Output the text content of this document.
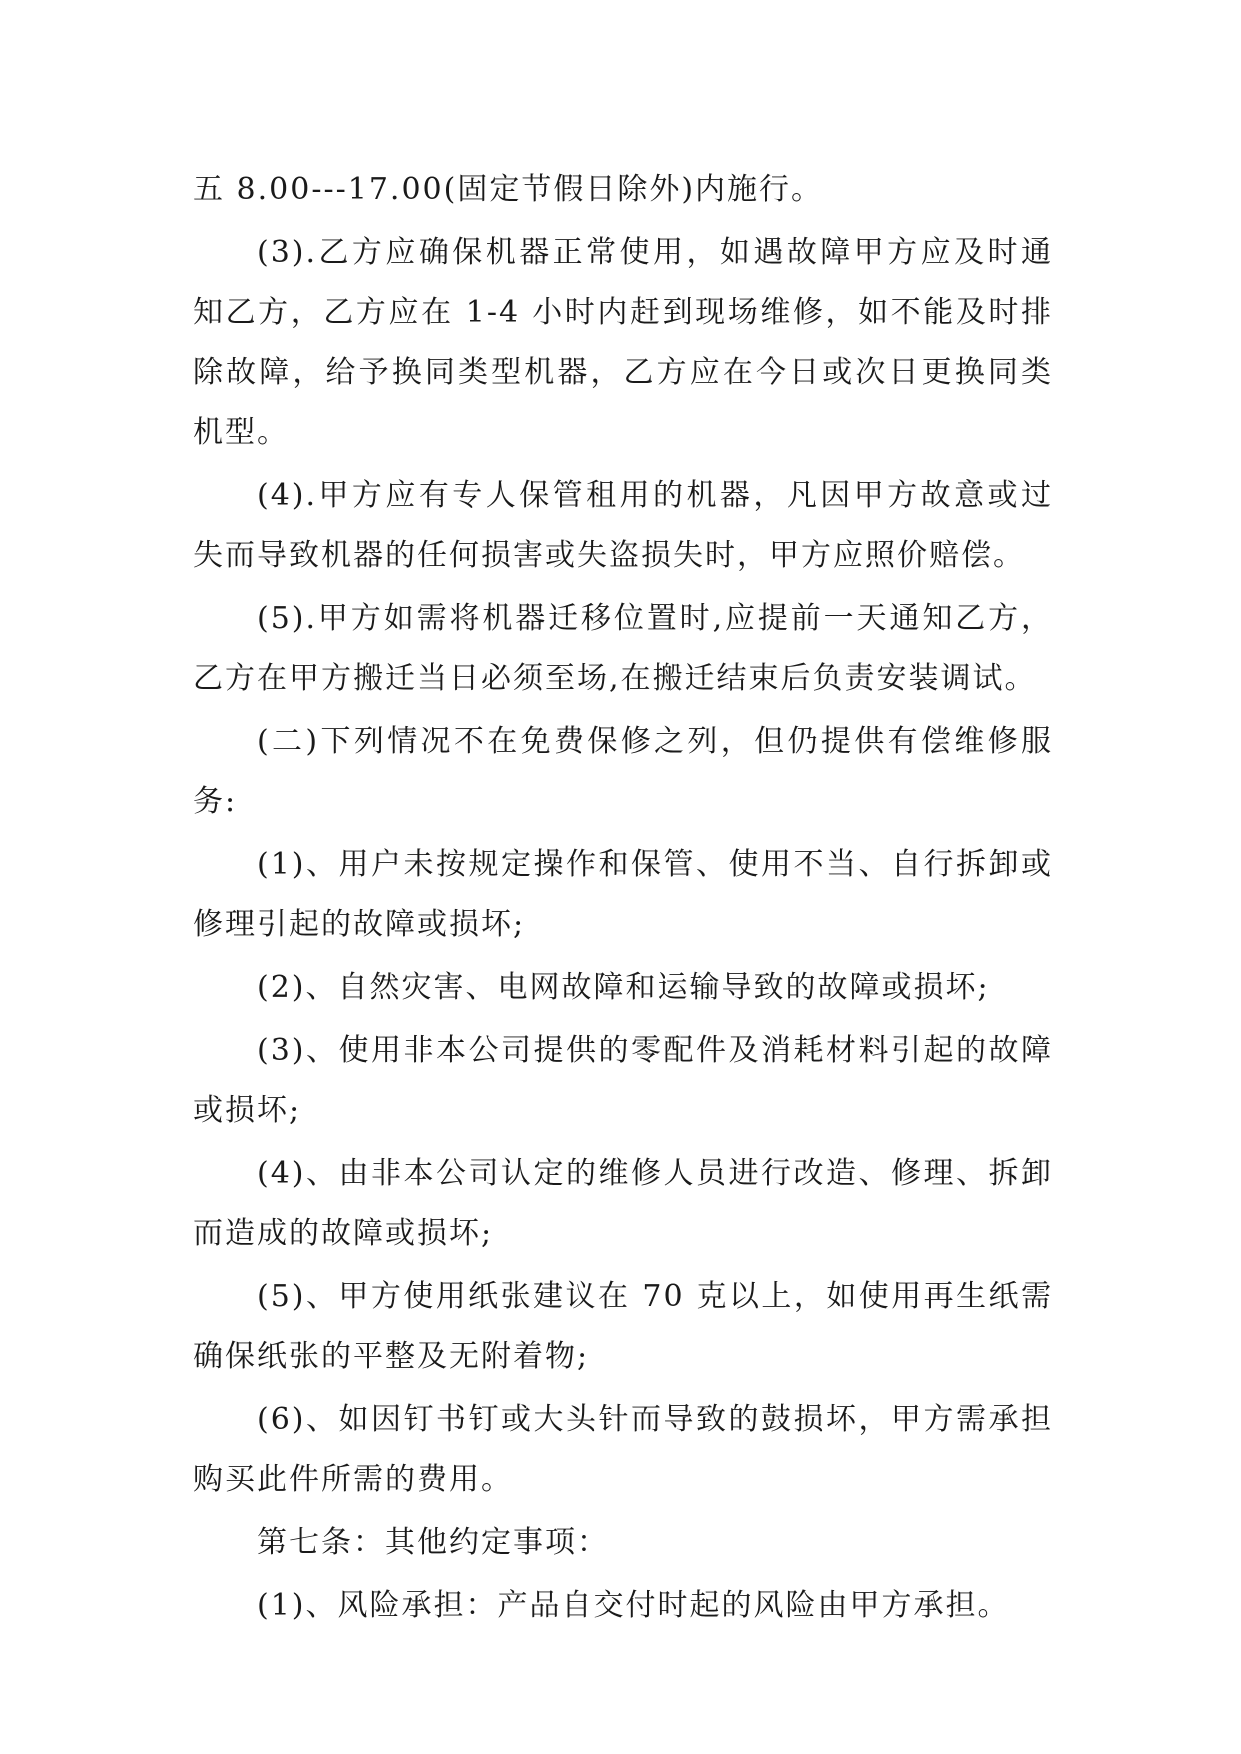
五 8.00---17.00(固定节假日除外)内施行。

(3).乙方应确保机器正常使用，如遇故障甲方应及时通知乙方，乙方应在 1-4 小时内赶到现场维修，如不能及时排除故障，给予换同类型机器，乙方应在今日或次日更换同类机型。

(4).甲方应有专人保管租用的机器，凡因甲方故意或过失而导致机器的任何损害或失盗损失时，甲方应照价赔偿。

(5).甲方如需将机器迁移位置时,应提前一天通知乙方，乙方在甲方搬迁当日必须至场,在搬迁结束后负责安装调试。

(二)下列情况不在免费保修之列，但仍提供有偿维修服务:

(1)、用户未按规定操作和保管、使用不当、自行拆卸或修理引起的故障或损坏;

(2)、自然灾害、电网故障和运输导致的故障或损坏;

(3)、使用非本公司提供的零配件及消耗材料引起的故障或损坏;

(4)、由非本公司认定的维修人员进行改造、修理、拆卸而造成的故障或损坏;

(5)、甲方使用纸张建议在 70 克以上，如使用再生纸需确保纸张的平整及无附着物;

(6)、如因钉书钉或大头针而导致的鼓损坏，甲方需承担购买此件所需的费用。

第七条：其他约定事项：

(1)、风险承担：产品自交付时起的风险由甲方承担。
